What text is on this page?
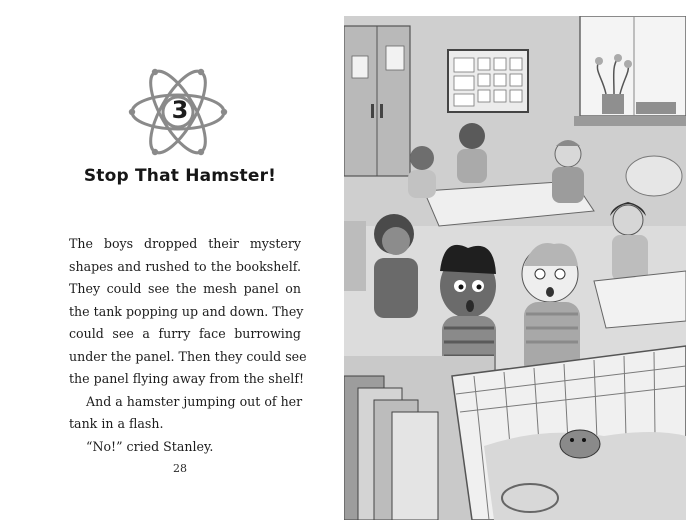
3
Stop That Hamster!
The boys dropped their mystery
shapes and rushed to the bookshelf.
They could see the mesh panel on
the tank popping up and down. They
could see a furry face burrowing
under the panel. Then they could see
the panel flying away from the shelf!
And a hamster jumping out of her
tank in a flash.
“No!” cried Stanley.
28
